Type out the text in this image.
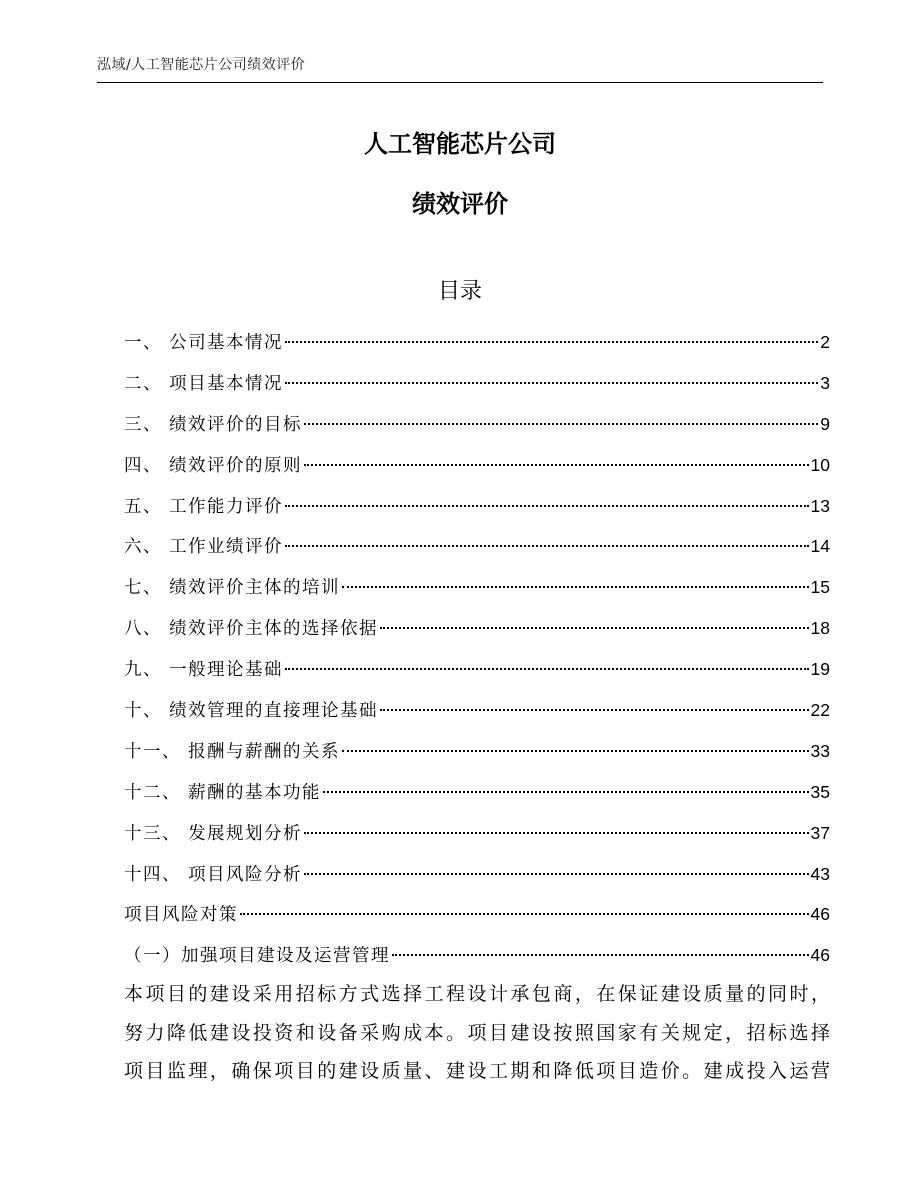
泓域/人工智能芯片公司绩效评价
人工智能芯片公司
绩效评价
目录
一、 公司基本情况	2
二、 项目基本情况	3
三、 绩效评价的目标	9
四、 绩效评价的原则	10
五、 工作能力评价	13
六、 工作业绩评价	14
七、 绩效评价主体的培训	15
八、 绩效评价主体的选择依据	18
九、 一般理论基础	19
十、 绩效管理的直接理论基础	22
十一、 报酬与薪酬的关系	33
十二、 薪酬的基本功能	35
十三、 发展规划分析	37
十四、 项目风险分析	43
项目风险对策	46
（一）加强项目建设及运营管理	46

本项目的建设采用招标方式选择工程设计承包商，在保证建设质量的同时，

努力降低建设投资和设备采购成本。项目建设按照国家有关规定，招标选择

项目监理，确保项目的建设质量、建设工期和降低项目造价。建成投入运营
